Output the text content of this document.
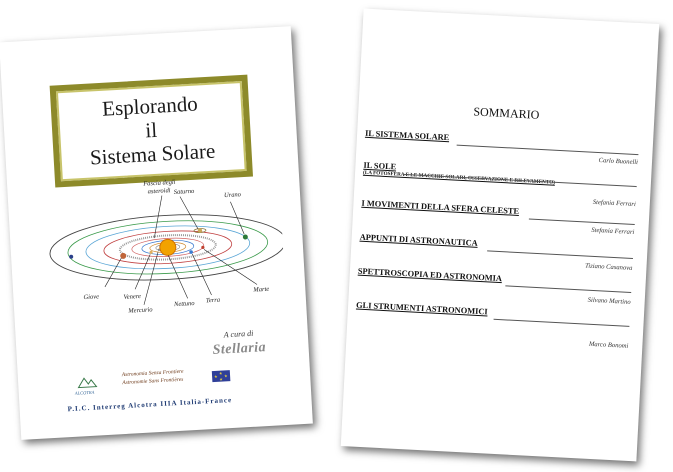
Esplorando
il
Sistema Solare
Fascia degli
asteroidi Saturno	Urano
Giove	Venere
Mercurio
Nettuno Terra
Marte
A cura di
Stellaria
ALCOTRA
Astronomia Senza Frontiere
Astronomie Sans Frontières
★
★ ★
★
P.I.C. Interreg Alcotra IIIA Italia-France
SOMMARIO
IL SISTEMA SOLARE
Carlo Buonelli
IL SOLE
(LA FOTOSFERA E LE MACCHIE SOLARI, OSSERVAZIONE E RILEVAMENTO)
Stefania Ferrari
I MOVIMENTI DELLA SFERA CELESTE
Stefania Ferrari
APPUNTI DI ASTRONAUTICA
Tiziano Casanova
SPETTROSCOPIA ED ASTRONOMIA
Silvano Martino
GLI STRUMENTI ASTRONOMICI
Marco Bonomi
